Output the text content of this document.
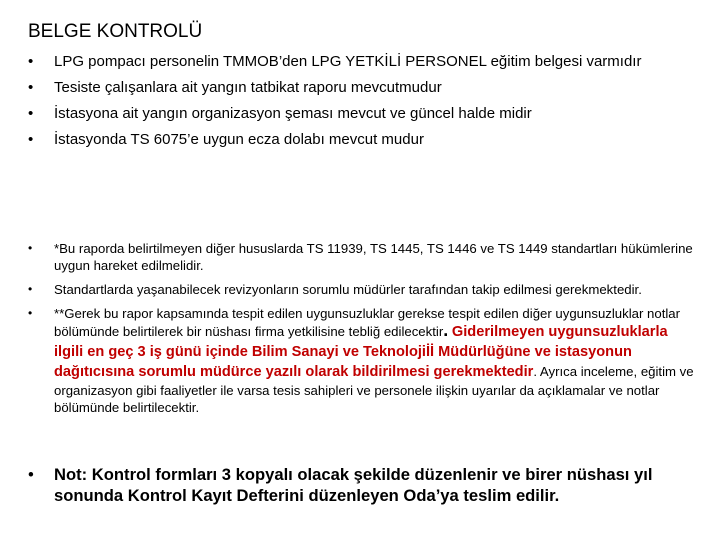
BELGE KONTROLÜ
• LPG pompacı personelin TMMOB’den LPG YETKİLİ PERSONEL eğitim belgesi varmıdır
• Tesiste çalışanlara ait yangın tatbikat raporu mevcutmudur
• İstasyona ait yangın organizasyon şeması mevcut ve güncel halde midir
• İstasyonda TS 6075’e uygun ecza dolabı mevcut mudur
• *Bu raporda belirtilmeyen diğer hususlarda TS 11939, TS 1445, TS 1446 ve TS 1449 standartları hükümlerine uygun hareket edilmelidir.
• Standartlarda yaşanabilecek revizyonların sorumlu müdürler tarafından takip edilmesi gerekmektedir.
• **Gerek bu rapor kapsamında tespit edilen uygunsuzluklar gerekse tespit edilen diğer uygunsuzluklar notlar bölümünde belirtilerek bir nüshası firma yetkilisine tebliğ edilecektir. Giderilmeyen uygunsuzluklarla ilgili en geç 3 iş günü içinde Bilim Sanayi ve Teknolojiİİ Müdürlüğüne ve istasyonun dağıtıcısına sorumlu müdürce yazılı olarak bildirilmesi gerekmektedir. Ayrıca inceleme, eğitim ve organizasyon gibi faaliyetler ile varsa tesis sahipleri ve personele ilişkin uyarılar da açıklamalar ve notlar bölümünde belirtilecektir.
• Not: Kontrol formları 3 kopyalı olacak şekilde düzenlenir ve birer nüshası yıl sonunda Kontrol Kayıt Defterini düzenleyen Oda’ya teslim edilir.
